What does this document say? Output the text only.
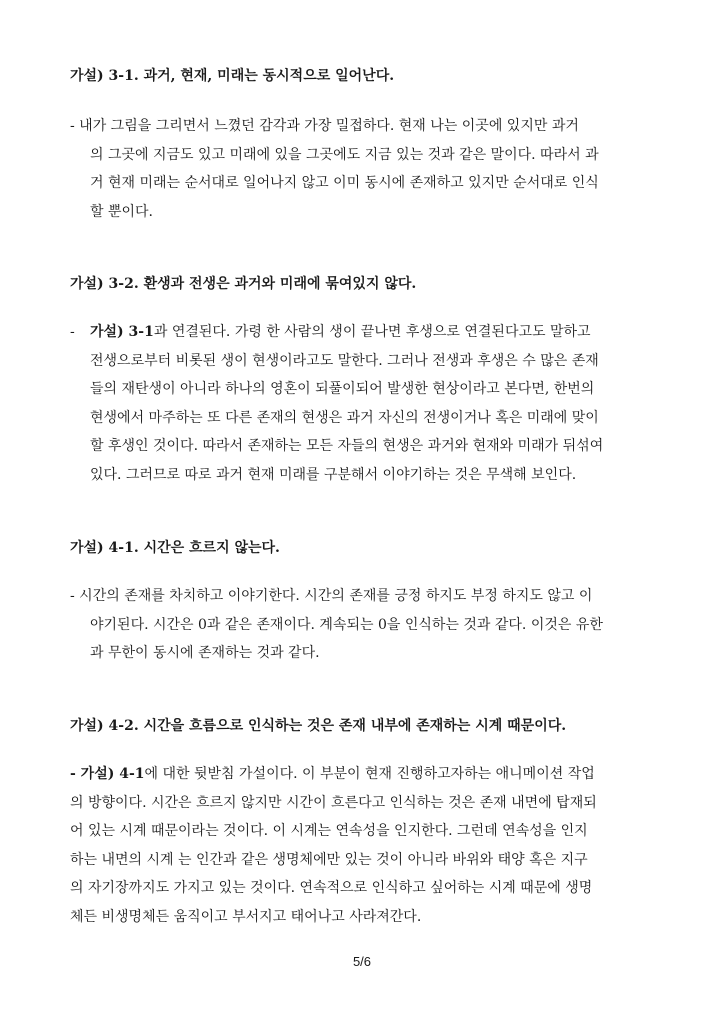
가설) 3-1. 과거, 현재, 미래는 동시적으로 일어난다.

- 내가 그림을 그리면서 느꼈던 감각과 가장 밀접하다. 현재 나는 이곳에 있지만 과거
의 그곳에 지금도 있고 미래에 있을 그곳에도 지금 있는 것과 같은 말이다. 따라서 과
거 현재 미래는 순서대로 일어나지 않고 이미 동시에 존재하고 있지만 순서대로 인식
할 뿐이다.

가설) 3-2. 환생과 전생은 과거와 미래에 묶여있지 않다.

- 가설) 3-1과 연결된다. 가령 한 사람의 생이 끝나면 후생으로 연결된다고도 말하고
전생으로부터 비롯된 생이 현생이라고도 말한다. 그러나 전생과 후생은 수 많은 존재
들의 재탄생이 아니라 하나의 영혼이 되풀이되어 발생한 현상이라고 본다면, 한번의
현생에서 마주하는 또 다른 존재의 현생은 과거 자신의 전생이거나 혹은 미래에 맞이
할 후생인 것이다. 따라서 존재하는 모든 자들의 현생은 과거와 현재와 미래가 뒤섞여
있다. 그러므로 따로 과거 현재 미래를 구분해서 이야기하는 것은 무색해 보인다.

가설) 4-1. 시간은 흐르지 않는다.

- 시간의 존재를 차치하고 이야기한다. 시간의 존재를 긍정 하지도 부정 하지도 않고 이
야기된다. 시간은 0과 같은 존재이다. 계속되는 0을 인식하는 것과 같다. 이것은 유한
과 무한이 동시에 존재하는 것과 같다.

가설) 4-2. 시간을 흐름으로 인식하는 것은 존재 내부에 존재하는 시계 때문이다.

- 가설) 4-1에 대한 뒷받침 가설이다. 이 부분이 현재 진행하고자하는 애니메이션 작업
의 방향이다. 시간은 흐르지 않지만 시간이 흐른다고 인식하는 것은 존재 내면에 탑재되
어 있는 시계 때문이라는 것이다. 이 시계는 연속성을 인지한다. 그런데 연속성을 인지
하는 내면의 시계 는 인간과 같은 생명체에만 있는 것이 아니라 바위와 태양 혹은 지구
의 자기장까지도 가지고 있는 것이다. 연속적으로 인식하고 싶어하는 시계 때문에 생명
체든 비생명체든 움직이고 부서지고 태어나고 사라져간다.
5/6
